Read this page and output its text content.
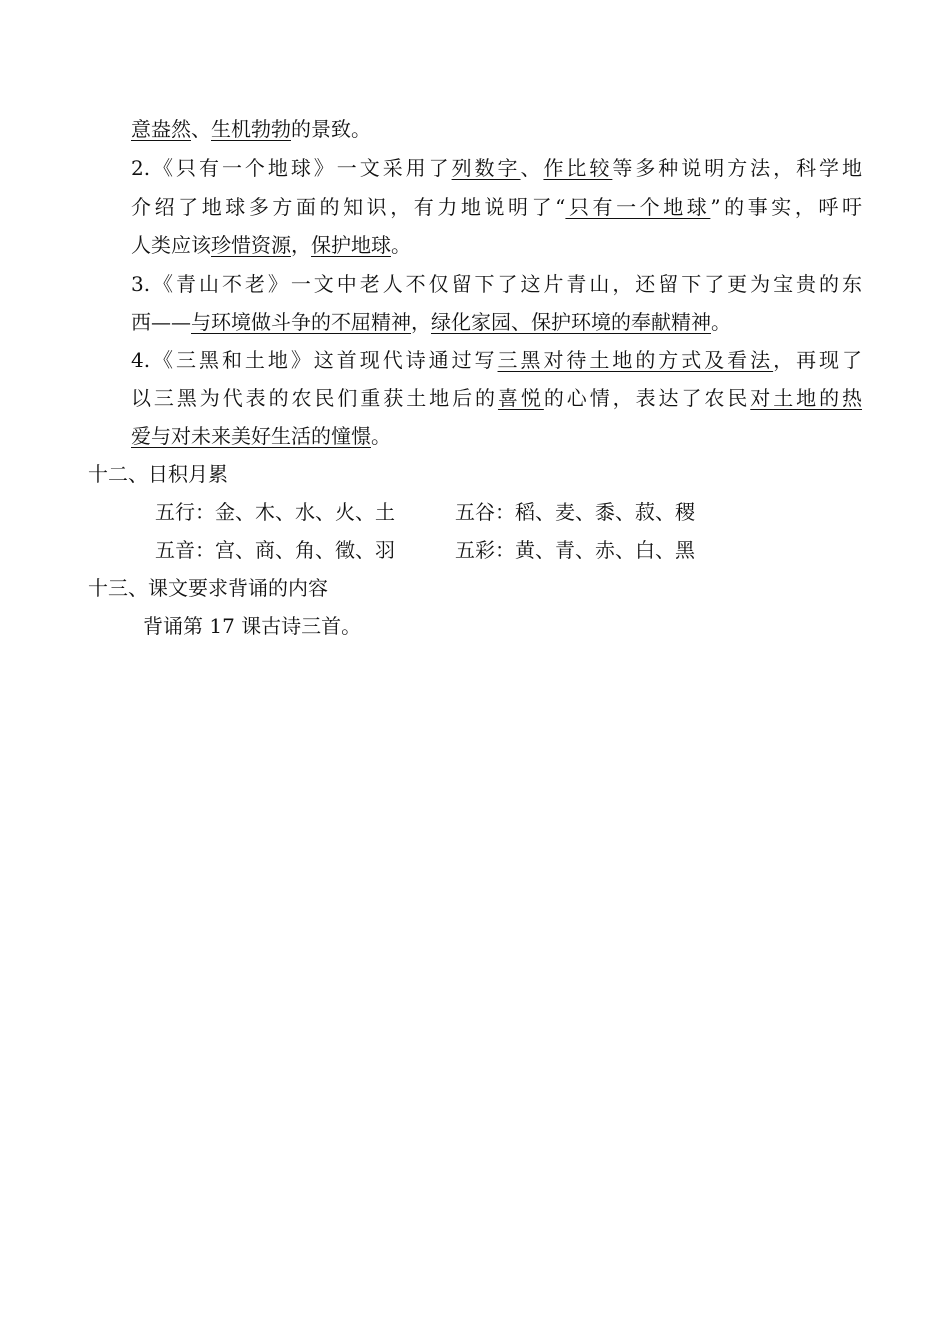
意盎然、生机勃勃的景致。
2.《只有一个地球》一文采用了列数字、作比较等多种说明方法，科学地
介绍了地球多方面的知识，有力地说明了“只有一个地球”的事实，呼吁
人类应该珍惜资源，保护地球。
3.《青山不老》一文中老人不仅留下了这片青山，还留下了更为宝贵的东
西——与环境做斗争的不屈精神，绿化家园、保护环境的奉献精神。
4.《三黑和土地》这首现代诗通过写三黑对待土地的方式及看法，再现了
以三黑为代表的农民们重获土地后的喜悦的心情，表达了农民对土地的热
爱与对未来美好生活的憧憬。
十二、日积月累
五行：金、木、水、火、土	五谷：稻、麦、黍、菽、稷
五音：宫、商、角、徵、羽	五彩：黄、青、赤、白、黑
十三、课文要求背诵的内容
背诵第 17 课古诗三首。
